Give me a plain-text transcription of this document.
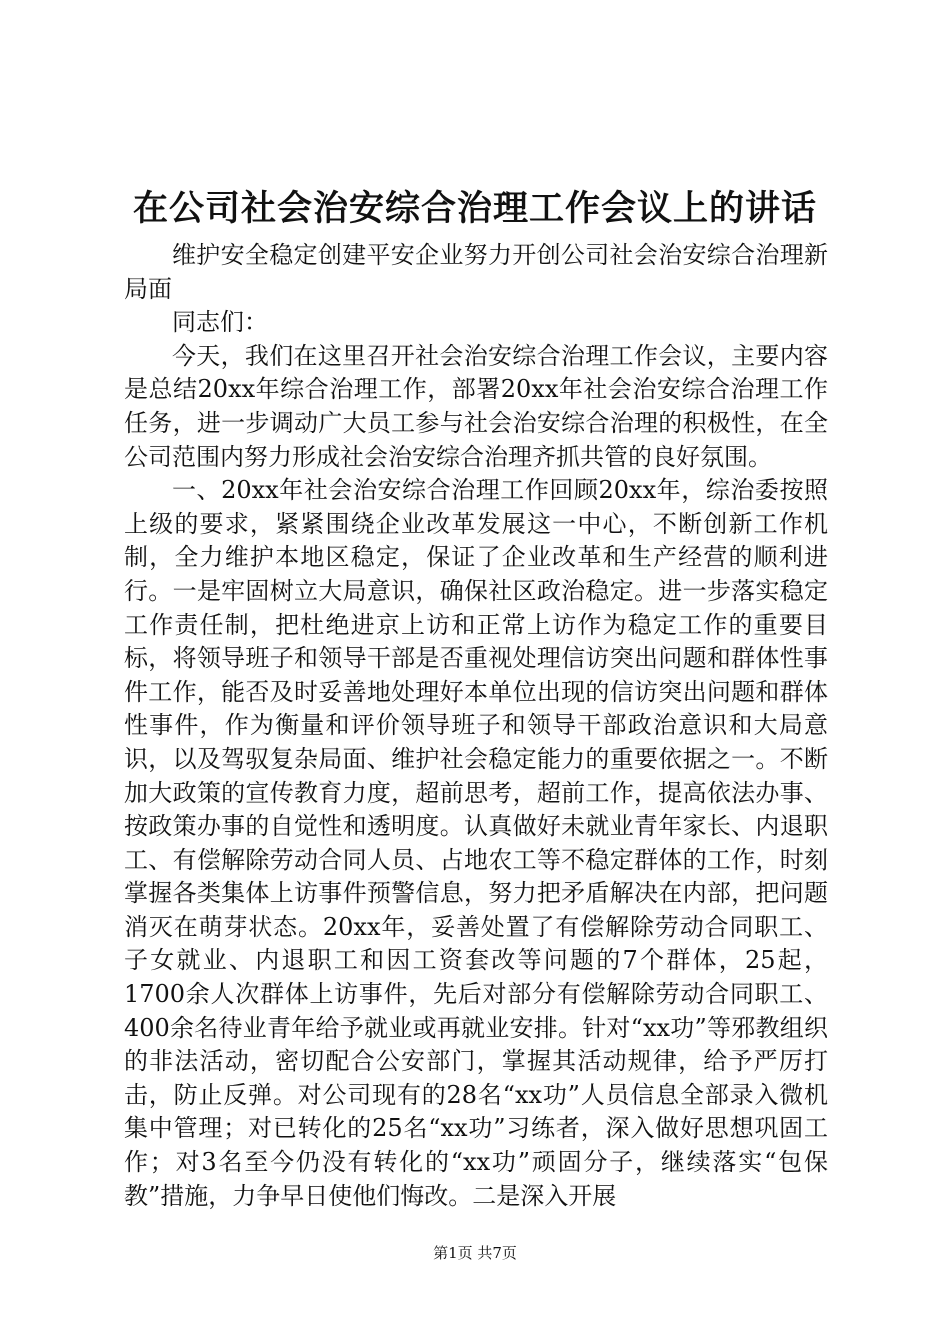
在公司社会治安综合治理工作会议上的讲话

维护安全稳定创建平安企业努力开创公司社会治安综合治理新局面

同志们：

今天，我们在这里召开社会治安综合治理工作会议，主要内容是总结20xx年综合治理工作，部署20xx年社会治安综合治理工作任务，进一步调动广大员工参与社会治安综合治理的积极性，在全公司范围内努力形成社会治安综合治理齐抓共管的良好氛围。

一、20xx年社会治安综合治理工作回顾20xx年，综治委按照上级的要求，紧紧围绕企业改革发展这一中心，不断创新工作机制，全力维护本地区稳定，保证了企业改革和生产经营的顺利进行。一是牢固树立大局意识，确保社区政治稳定。进一步落实稳定工作责任制，把杜绝进京上访和正常上访作为稳定工作的重要目标，将领导班子和领导干部是否重视处理信访突出问题和群体性事件工作，能否及时妥善地处理好本单位出现的信访突出问题和群体性事件，作为衡量和评价领导班子和领导干部政治意识和大局意识，以及驾驭复杂局面、维护社会稳定能力的重要依据之一。不断加大政策的宣传教育力度，超前思考，超前工作，提高依法办事、按政策办事的自觉性和透明度。认真做好未就业青年家长、内退职工、有偿解除劳动合同人员、占地农工等不稳定群体的工作，时刻掌握各类集体上访事件预警信息，努力把矛盾解决在内部，把问题消灭在萌芽状态。20xx年，妥善处置了有偿解除劳动合同职工、子女就业、内退职工和因工资套改等问题的7个群体，25起，1700余人次群体上访事件，先后对部分有偿解除劳动合同职工、400余名待业青年给予就业或再就业安排。针对“xx功”等邪教组织的非法活动，密切配合公安部门，掌握其活动规律，给予严厉打击，防止反弹。对公司现有的28名“xx功”人员信息全部录入微机集中管理；对已转化的25名“xx功”习练者，深入做好思想巩固工作；对3名至今仍没有转化的“xx功”顽固分子，继续落实“包保教”措施，力争早日使他们悔改。二是深入开展

第1页 共7页
